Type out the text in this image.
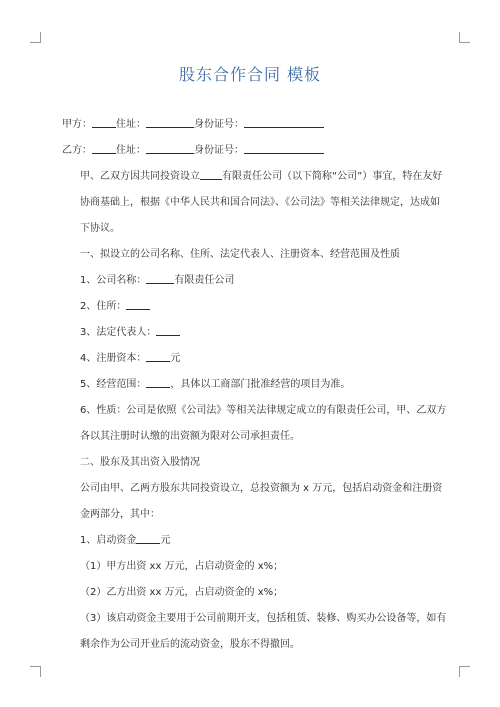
股东合作合同 模板
甲方： 住址：	身份证号：
乙方： 住址：	身份证号：
甲、乙双方因共同投资设立 有限责任公司（以下简称“公司”）事宜，特在友好协商基础上，根据《中华人民共和国合同法》、《公司法》等相关法律规定，达成如下协议。
一、拟设立的公司名称、住所、法定代表人、注册资本、经营范围及性质
1、公司名称：	有限责任公司
2、住所：
3、法定代表人：
4、注册资本： 元
5、经营范围： ，具体以工商部门批准经营的项目为准。
6、性质：公司是依照《公司法》等相关法律规定成立的有限责任公司，甲、乙双方各以其注册时认缴的出资额为限对公司承担责任。
二、股东及其出资入股情况
公司由甲、乙两方股东共同投资设立，总投资额为 x 万元，包括启动资金和注册资金两部分，其中：
1、启动资金 元
（1）甲方出资 xx 万元，占启动资金的 x%；
（2）乙方出资 xx 万元，占启动资金的 x%；
（3）该启动资金主要用于公司前期开支，包括租赁、装修、购买办公设备等，如有剩余作为公司开业后的流动资金，股东不得撤回。
